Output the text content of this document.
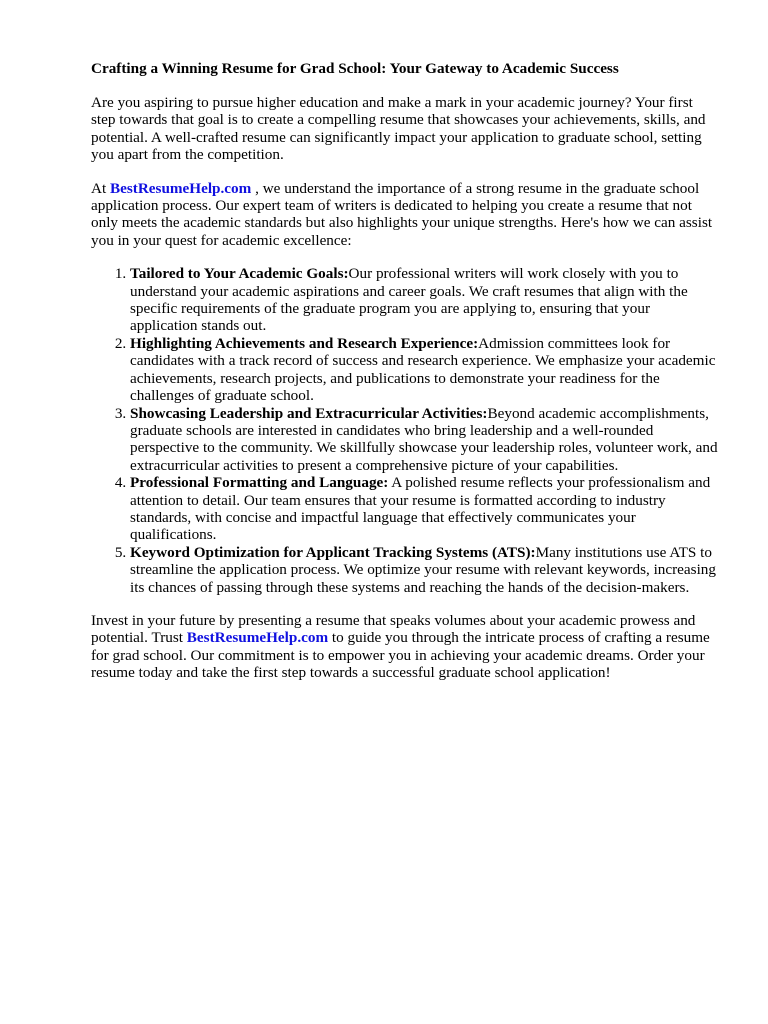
Crafting a Winning Resume for Grad School: Your Gateway to Academic Success

Are you aspiring to pursue higher education and make a mark in your academic journey? Your first step towards that goal is to create a compelling resume that showcases your achievements, skills, and potential. A well-crafted resume can significantly impact your application to graduate school, setting you apart from the competition.

At BestResumeHelp.com , we understand the importance of a strong resume in the graduate school application process. Our expert team of writers is dedicated to helping you create a resume that not only meets the academic standards but also highlights your unique strengths. Here's how we can assist you in your quest for academic excellence:

1. Tailored to Your Academic Goals:Our professional writers will work closely with you to understand your academic aspirations and career goals. We craft resumes that align with the specific requirements of the graduate program you are applying to, ensuring that your application stands out.
2. Highlighting Achievements and Research Experience:Admission committees look for candidates with a track record of success and research experience. We emphasize your academic achievements, research projects, and publications to demonstrate your readiness for the challenges of graduate school.
3. Showcasing Leadership and Extracurricular Activities:Beyond academic accomplishments, graduate schools are interested in candidates who bring leadership and a well-rounded perspective to the community. We skillfully showcase your leadership roles, volunteer work, and extracurricular activities to present a comprehensive picture of your capabilities.
4. Professional Formatting and Language: A polished resume reflects your professionalism and attention to detail. Our team ensures that your resume is formatted according to industry standards, with concise and impactful language that effectively communicates your qualifications.
5. Keyword Optimization for Applicant Tracking Systems (ATS):Many institutions use ATS to streamline the application process. We optimize your resume with relevant keywords, increasing its chances of passing through these systems and reaching the hands of the decision-makers.

Invest in your future by presenting a resume that speaks volumes about your academic prowess and potential. Trust BestResumeHelp.com to guide you through the intricate process of crafting a resume for grad school. Our commitment is to empower you in achieving your academic dreams. Order your resume today and take the first step towards a successful graduate school application!
